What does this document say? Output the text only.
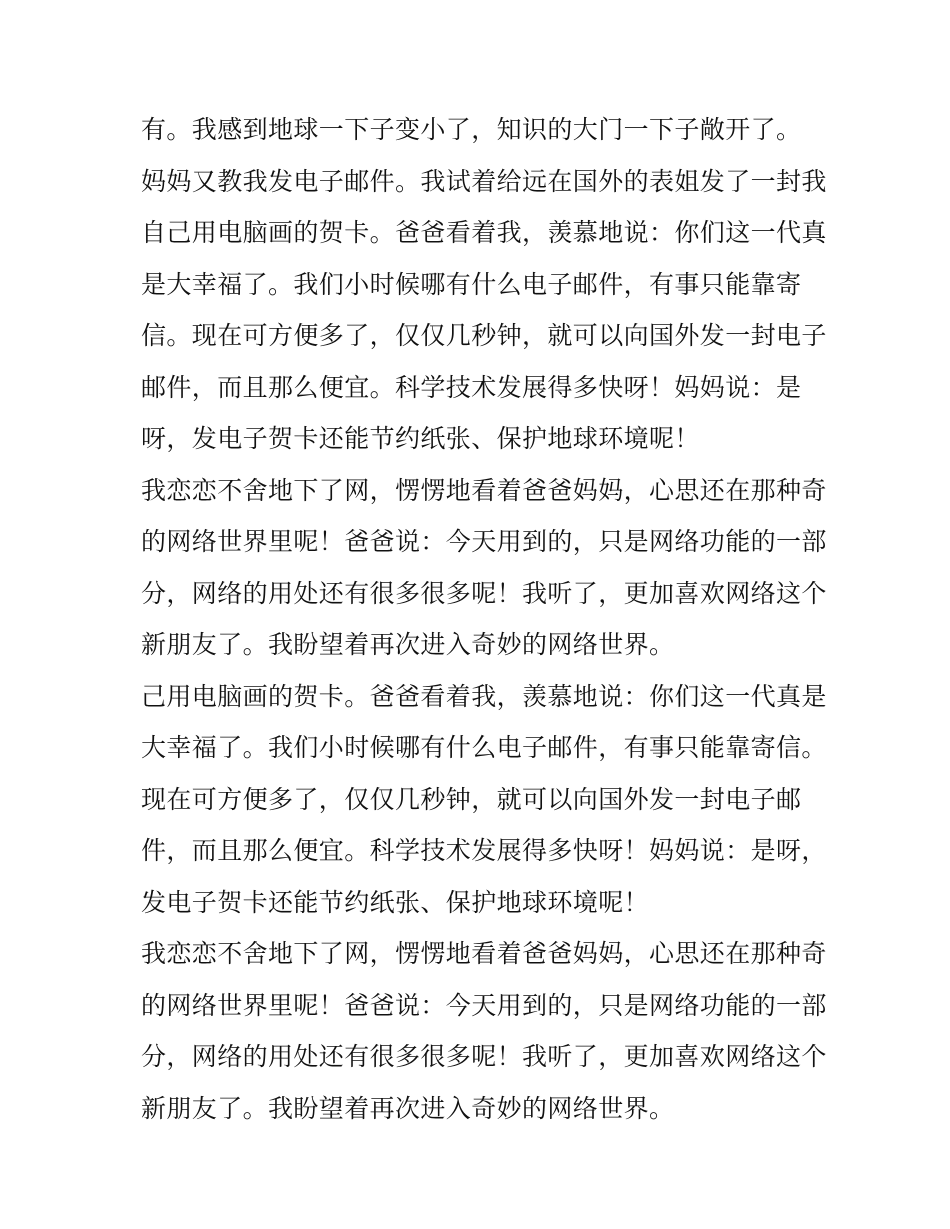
有。我感到地球一下子变小了，知识的大门一下子敞开了。
妈妈又教我发电子邮件。我试着给远在国外的表姐发了一封我
自己用电脑画的贺卡。爸爸看着我，羡慕地说：你们这一代真
是大幸福了。我们小时候哪有什么电子邮件，有事只能靠寄
信。现在可方便多了，仅仅几秒钟，就可以向国外发一封电子
邮件，而且那么便宜。科学技术发展得多快呀！妈妈说：是
呀，发电子贺卡还能节约纸张、保护地球环境呢！
我恋恋不舍地下了网，愣愣地看着爸爸妈妈，心思还在那种奇
的网络世界里呢！爸爸说：今天用到的，只是网络功能的一部
分，网络的用处还有很多很多呢！我听了，更加喜欢网络这个
新朋友了。我盼望着再次进入奇妙的网络世界。
己用电脑画的贺卡。爸爸看着我，羡慕地说：你们这一代真是
大幸福了。我们小时候哪有什么电子邮件，有事只能靠寄信。
现在可方便多了，仅仅几秒钟，就可以向国外发一封电子邮
件，而且那么便宜。科学技术发展得多快呀！妈妈说：是呀，
发电子贺卡还能节约纸张、保护地球环境呢！
我恋恋不舍地下了网，愣愣地看着爸爸妈妈，心思还在那种奇
的网络世界里呢！爸爸说：今天用到的，只是网络功能的一部
分，网络的用处还有很多很多呢！我听了，更加喜欢网络这个
新朋友了。我盼望着再次进入奇妙的网络世界。
